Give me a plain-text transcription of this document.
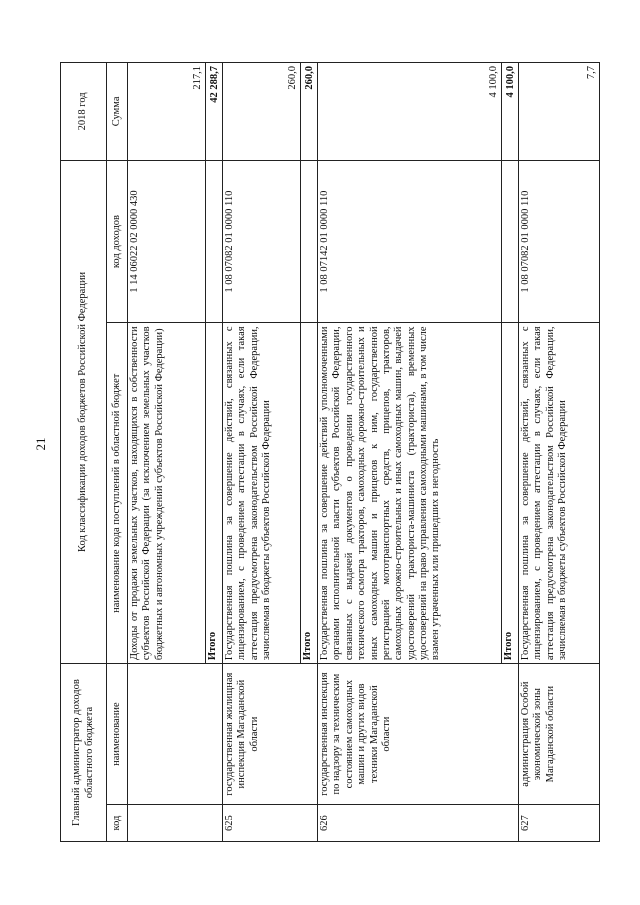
21
Главный администратор доходов областного бюджета		Код классификации доходов бюджетов Российской Федерации		2018 год
код	наименование	наименование кода поступлений в областной бюджет	код доходов	Сумма
		Доходы от продажи земельных участков, находящихся в собственности субъектов Российской Федерации (за исключением земельных участков бюджетных и автономных учреждений субъектов Российской Федерации)	1 14 06022 02 0000 430	217,1
		Итого		42 288,7
625	государственная жилищная инспекция Магаданской области	Государственная пошлина за совершение действий, связанных с лицензированием, с проведением аттестации в случаях, если такая аттестация предусмотрена законодательством Российской Федерации, зачисляемая в бюджеты субъектов Российской Федерации	1 08 07082 01 0000 110	260,0
		Итого		260,0
626	государственная инспекция по надзору за техническим состоянием самоходных машин и других видов техники Магаданской области	Государственная пошлина за совершение действий уполномоченными органами исполнительной власти субъектов Российской Федерации, связанных с выдачей документов о проведении государственного технического осмотра тракторов, самоходных дорожно-строительных и иных самоходных машин и прицепов к ним, государственной регистрацией мототранспортных средств, прицепов, тракторов, самоходных дорожно-строительных и иных самоходных машин, выдачей удостоверений тракториста-машиниста (тракториста), временных удостоверений на право управления самоходными машинами, в том числе взамен утраченных или пришедших в негодность	1 08 07142 01 0000 110	4 100,0
		Итого		4 100,0
627	администрация Особой экономической зоны Магаданской области	Государственная пошлина за совершение действий, связанных с лицензированием, с проведением аттестации в случаях, если такая аттестация предусмотрена законодательством Российской Федерации, зачисляемая в бюджеты субъектов Российской Федерации	1 08 07082 01 0000 110	7,7
